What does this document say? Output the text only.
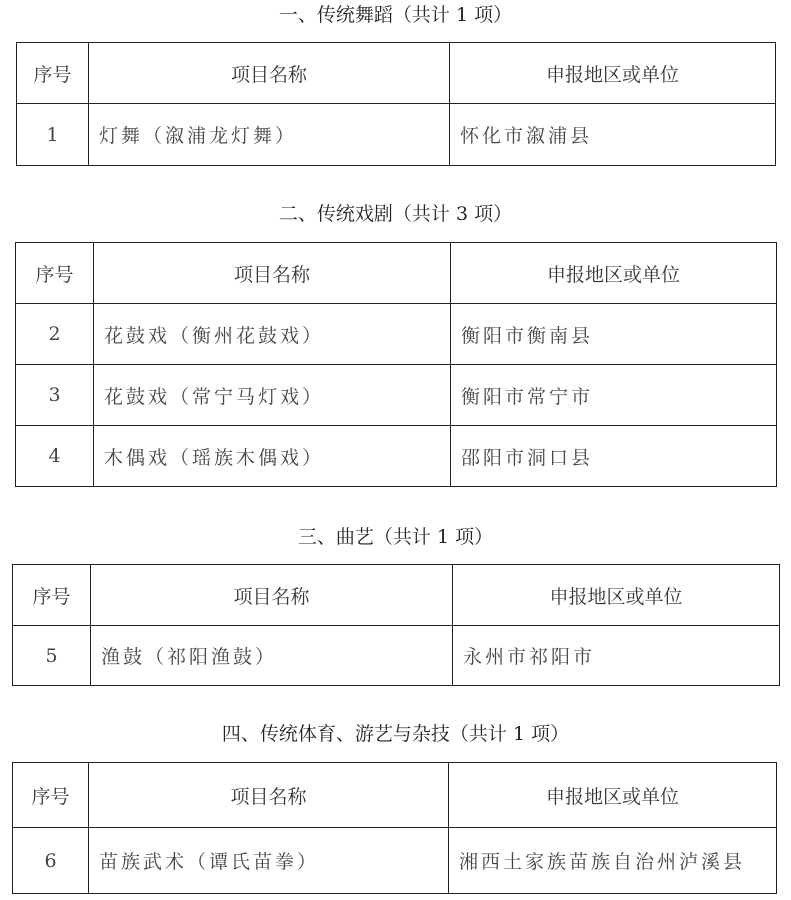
一、传统舞蹈（共计 1 项）
序号	项目名称	申报地区或单位
1	灯舞（溆浦龙灯舞）	怀化市溆浦县
二、传统戏剧（共计 3 项）
序号	项目名称	申报地区或单位
2	花鼓戏（衡州花鼓戏）	衡阳市衡南县
3	花鼓戏（常宁马灯戏）	衡阳市常宁市
4	木偶戏（瑶族木偶戏）	邵阳市洞口县
三、曲艺（共计 1 项）
序号	项目名称	申报地区或单位
5	渔鼓（祁阳渔鼓）	永州市祁阳市
四、传统体育、游艺与杂技（共计 1 项）
序号	项目名称	申报地区或单位
6	苗族武术（谭氏苗拳）	湘西土家族苗族自治州泸溪县
